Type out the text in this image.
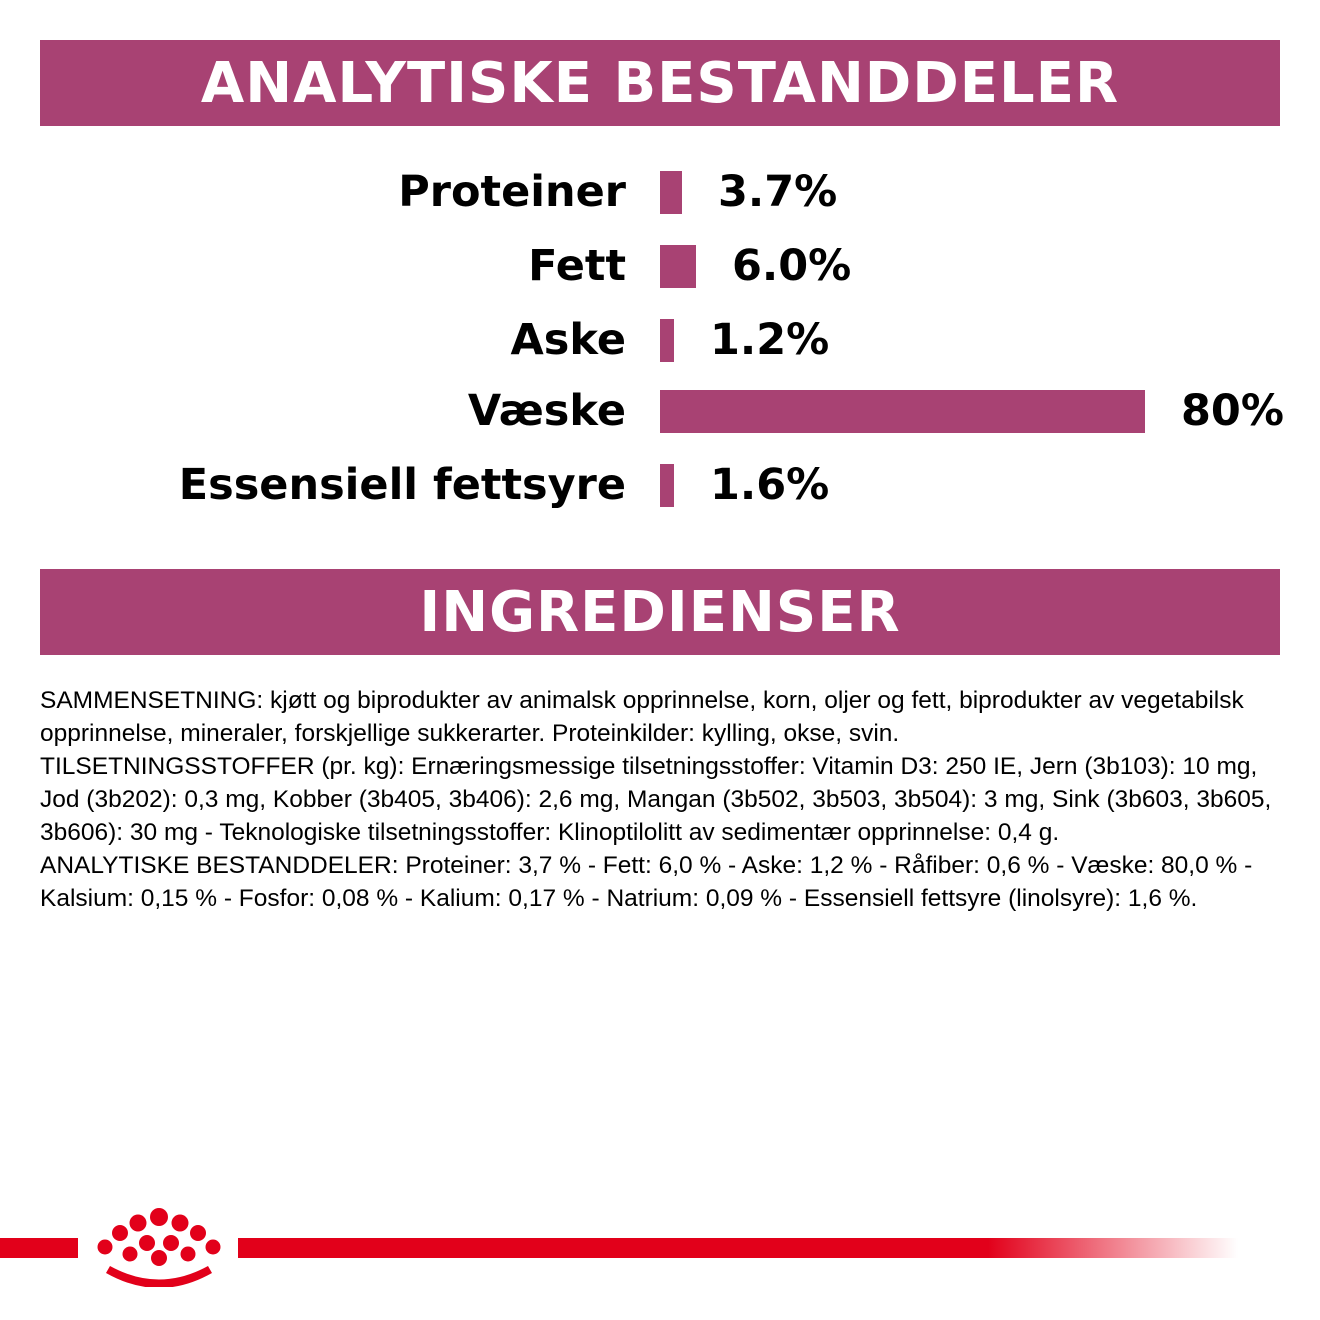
ANALYTISKE BESTANDDELER
Proteiner 3.7%
Fett 6.0%
Aske 1.2%
Væske	80%
Essensiell fettsyre 1.6%
INGREDIENSER

SAMMENSETNING: kjøtt og biprodukter av animalsk opprinnelse, korn, oljer og fett, biprodukter av vegetabilsk opprinnelse, mineraler, forskjellige sukkerarter. Proteinkilder: kylling, okse, svin.

TILSETNINGSSTOFFER (pr. kg): Ernæringsmessige tilsetningsstoffer: Vitamin D3: 250 IE, Jern (3b103): 10 mg, Jod (3b202): 0,3 mg, Kobber (3b405, 3b406): 2,6 mg, Mangan (3b502, 3b503, 3b504): 3 mg, Sink (3b603, 3b605, 3b606): 30 mg - Teknologiske tilsetningsstoffer: Klinoptilolitt av sedimentær opprinnelse: 0,4 g.

ANALYTISKE BESTANDDELER: Proteiner: 3,7 % - Fett: 6,0 % - Aske: 1,2 % - Råfiber: 0,6 % - Væske: 80,0 % - Kalsium: 0,15 % - Fosfor: 0,08 % - Kalium: 0,17 % - Natrium: 0,09 % - Essensiell fettsyre (linolsyre): 1,6 %.
